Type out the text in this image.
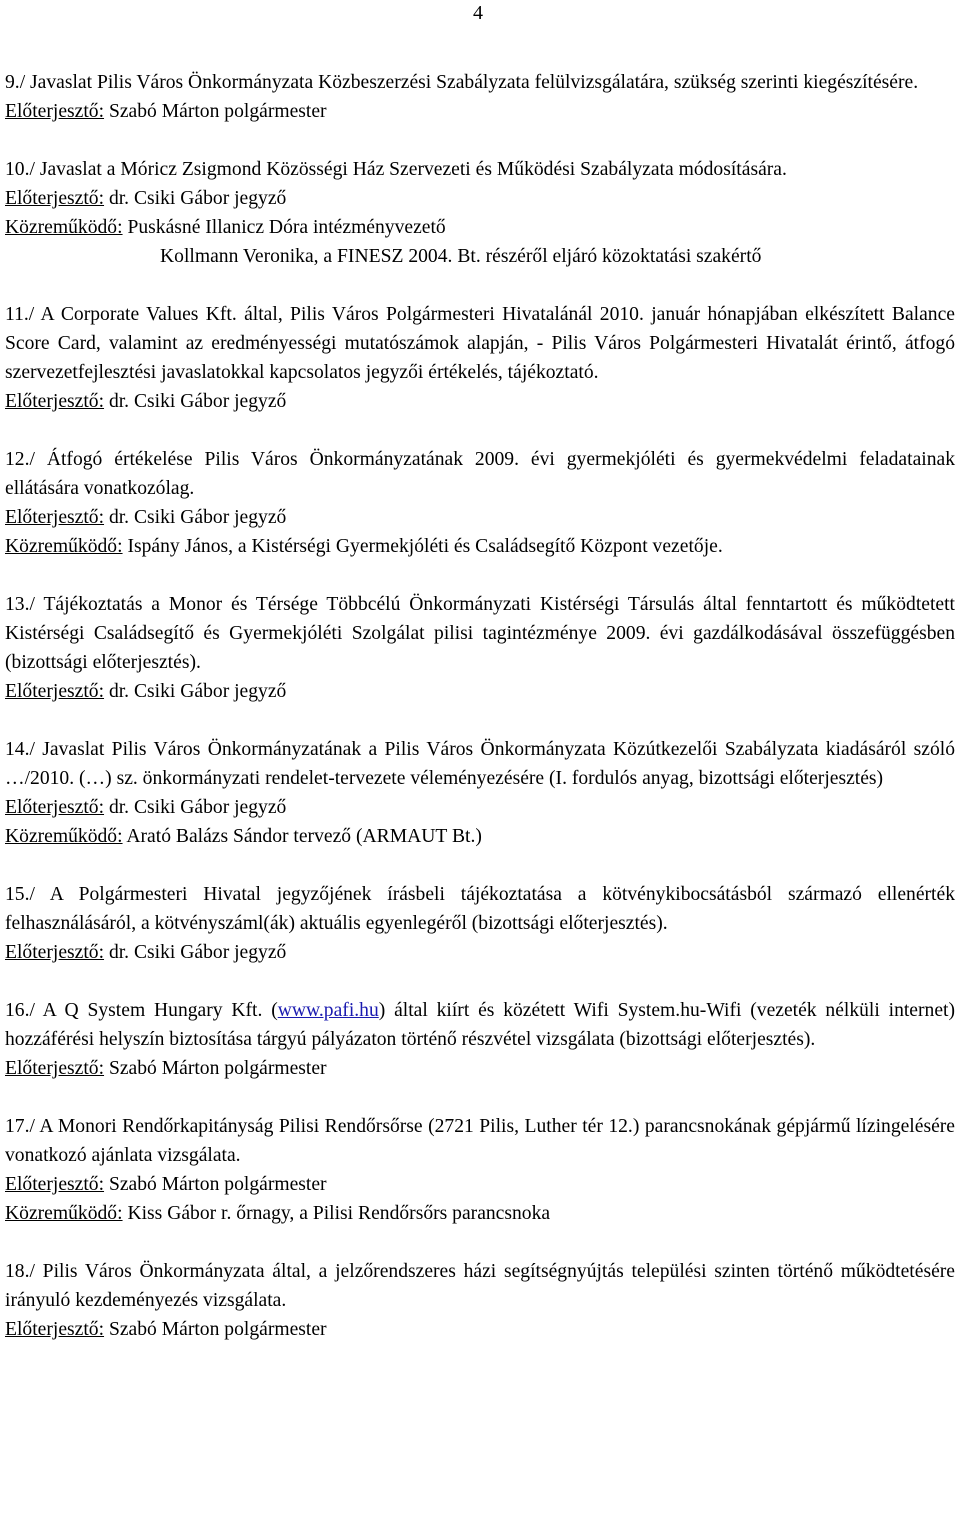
4

9./ Javaslat Pilis Város Önkormányzata Közbeszerzési Szabályzata felülvizsgálatára, szükség szerinti kiegészítésére.

Előterjesztő: Szabó Márton polgármester

10./ Javaslat a Móricz Zsigmond Közösségi Ház Szervezeti és Működési Szabályzata módosítására.

Előterjesztő: dr. Csiki Gábor jegyző

Közreműködő: Puskásné Illanicz Dóra intézményvezető

Kollmann Veronika, a FINESZ 2004. Bt. részéről eljáró közoktatási szakértő

11./ A Corporate Values Kft. által, Pilis Város Polgármesteri Hivatalánál 2010. január hónapjában elkészített Balance Score Card, valamint az eredményességi mutatószámok alapján, - Pilis Város Polgármesteri Hivatalát érintő, átfogó szervezetfejlesztési javaslatokkal kapcsolatos jegyzői értékelés, tájékoztató.

Előterjesztő: dr. Csiki Gábor jegyző

12./ Átfogó értékelése Pilis Város Önkormányzatának 2009. évi gyermekjóléti és gyermekvédelmi feladatainak ellátására vonatkozólag.

Előterjesztő: dr. Csiki Gábor jegyző

Közreműködő: Ispány János, a Kistérségi Gyermekjóléti és Családsegítő Központ vezetője.

13./ Tájékoztatás a Monor és Térsége Többcélú Önkormányzati Kistérségi Társulás által fenntartott és működtetett Kistérségi Családsegítő és Gyermekjóléti Szolgálat pilisi tagintézménye 2009. évi gazdálkodásával összefüggésben (bizottsági előterjesztés).

Előterjesztő: dr. Csiki Gábor jegyző

14./ Javaslat Pilis Város Önkormányzatának a Pilis Város Önkormányzata Közútkezelői Szabályzata kiadásáról szóló …/2010. (…) sz. önkormányzati rendelet-tervezete véleményezésére (I. fordulós anyag, bizottsági előterjesztés)

Előterjesztő: dr. Csiki Gábor jegyző

Közreműködő: Arató Balázs Sándor tervező (ARMAUT Bt.)

15./ A Polgármesteri Hivatal jegyzőjének írásbeli tájékoztatása a kötvénykibocsátásból származó ellenérték felhasználásáról, a kötvényszáml(ák) aktuális egyenlegéről (bizottsági előterjesztés).

Előterjesztő: dr. Csiki Gábor jegyző

16./ A Q System Hungary Kft. (www.pafi.hu) által kiírt és közétett Wifi System.hu-Wifi (vezeték nélküli internet) hozzáférési helyszín biztosítása tárgyú pályázaton történő részvétel vizsgálata (bizottsági előterjesztés).

Előterjesztő: Szabó Márton polgármester

17./ A Monori Rendőrkapitányság Pilisi Rendőrsőrse (2721 Pilis, Luther tér 12.) parancsnokának gépjármű lízingelésére vonatkozó ajánlata vizsgálata.

Előterjesztő: Szabó Márton polgármester

Közreműködő: Kiss Gábor r. őrnagy, a Pilisi Rendőrsőrs parancsnoka

18./ Pilis Város Önkormányzata által, a jelzőrendszeres házi segítségnyújtás települési szinten történő működtetésére irányuló kezdeményezés vizsgálata.

Előterjesztő: Szabó Márton polgármester
